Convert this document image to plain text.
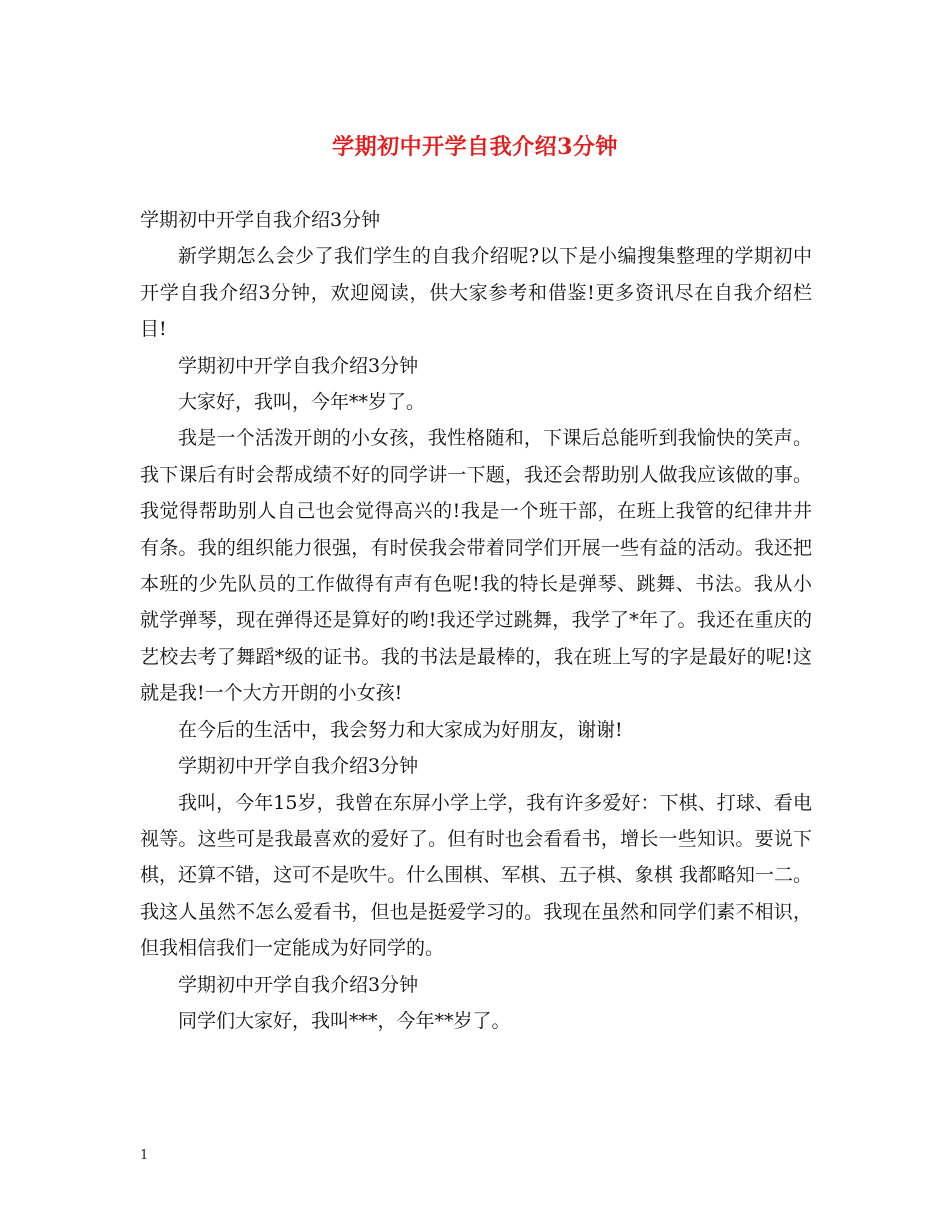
学期初中开学自我介绍3分钟

学期初中开学自我介绍3分钟

新学期怎么会少了我们学生的自我介绍呢?以下是小编搜集整理的学期初中开学自我介绍3分钟，欢迎阅读，供大家参考和借鉴!更多资讯尽在自我介绍栏目!

学期初中开学自我介绍3分钟

大家好，我叫，今年**岁了。

我是一个活泼开朗的小女孩，我性格随和，下课后总能听到我愉快的笑声。我下课后有时会帮成绩不好的同学讲一下题，我还会帮助别人做我应该做的事。我觉得帮助别人自己也会觉得高兴的!我是一个班干部，在班上我管的纪律井井有条。我的组织能力很强，有时侯我会带着同学们开展一些有益的活动。我还把本班的少先队员的工作做得有声有色呢!我的特长是弹琴、跳舞、书法。我从小就学弹琴，现在弹得还是算好的哟!我还学过跳舞，我学了*年了。我还在重庆的艺校去考了舞蹈*级的证书。我的书法是最棒的，我在班上写的字是最好的呢!这就是我!一个大方开朗的小女孩!

在今后的生活中，我会努力和大家成为好朋友，谢谢!

学期初中开学自我介绍3分钟

我叫，今年15岁，我曾在东屏小学上学，我有许多爱好：下棋、打球、看电视等。这些可是我最喜欢的爱好了。但有时也会看看书，增长一些知识。要说下棋，还算不错，这可不是吹牛。什么围棋、军棋、五子棋、象棋 我都略知一二。我这人虽然不怎么爱看书，但也是挺爱学习的。我现在虽然和同学们素不相识，但我相信我们一定能成为好同学的。

学期初中开学自我介绍3分钟

同学们大家好，我叫***，今年**岁了。

1
